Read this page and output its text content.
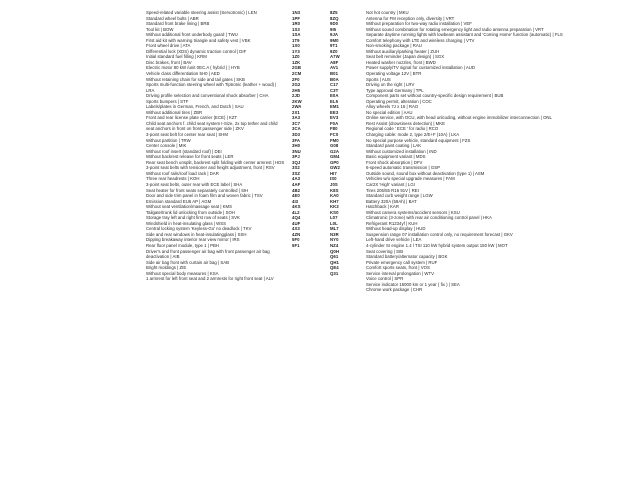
Speed-related variable steering assist (Servotronic) | LEN
Standard wheel bolts | ABR
Standard front brake lining | BRB
Tool kit | BOW
Without additional front underbody guard | TWU
First aid kit with warning triangle and safety vest | VBK
Front wheel drive | ATA
Differential lock (XDS) dynamic traction control | DIF
Initial standard fuel filling | KRM
Disc brakes, front | BAV
Electric motor 80 kW /unit 0EC.A ( hybrid ) | HYB
Vehicle class differentiation 5H0 | AED
Without retaining chain for side and tail gates | SKB
Sports multi-function steering wheel with Tiptronic (leather + wood) | LRA
Driving profile selection and conventional shock absorber | CHA
Sports bumpers | STF
Labels/plates in German, French, and Dutch | SAU
Without additional tires | ZBR
Front and rear license plate carrier (ECE) | KZT
Child seat anchors f. child seat system I-Size, 2x top tether and child seat anchors in front on front passenger side | ZKV
3-point seat belt for center rear seat | SHM
Without partition | TRW
Center console | MIK
Without roof insert (standard roof) | DEI
Without backrest release for front seats | LER
Rear seat bench unsplit, backrest split folding with center armrest | HDS
3-point seat belts with tensioner and height adjustment, front | RSV
Without roof rails/roof load rack | DAR
Three rear headrests | KOH
3-point seat belts, outer rear with ECE label | SHA
Seat heater for front seats separately controlled | SIH
Door and side trim panel in foam film and woven fabric | TSV
Emission standard EU6 AP | AGM
Without seat ventilation/massage seat | KMS
Tailgate/trunk lid unlocking from outside | SOH
Storage tray left and right first row of seats | SVK
Windshield in heat-insulating glass | WSS
Central locking system 'Keyless-Go' no deadlock | TKV
Side and rear windows in heat-insulatingglass | SSH
Dipping breakaway interior rear view mirror | IRS
Rear floor panel module, type 1 | PBH
Driver's and front passenger air bag with front passenger air bag deactivation | AIB
Side air bag front with curtain air bag | SAB
Bright moldings | ZIE
Without special body measures | KSA
1 armrest for left front seat and 2 armrests for right front seat | ALV
1N3
1PF
1R0
1S3
1SA
1T9
1X0
1Y3
1Z0
1ZK
2GB
2CM
2F0
2G2
2H5
2JD
2KW
2WA
2X1
3A3
3C7
3CA
3D3
3FA
3H0
3NU
3PJ
3QJ
3S2
3SZ
4A3
4AF
4B2
4E0
4I3
4KS
4L2
4Q4
4UF
4X3
4ZN
5F0
5F1
8Z5
8ZQ
9D0
9I5
9JA
9M0
9T1
9Z0
A7W
A8F
AV1
B01
B0A
C17
C3T
E0A
EL5
EM1
EE3
EV3
F0A
F80
FC0
FM0
G08
G2A
GM4
GP0
GW2
HI7
IS0
J0S
K8S
KA0
KH7
KK3
KS0
L07
L0L
ML7
N3R
NY0
NZ4
Q0H
Q61
QH1
QE4
Q31
Not hot country | MKU
Antenna for FM reception only, diversity | VRT
Without preparation for two-way radio installation | VEF
Without sound combination for rotating emergency light and radio antenna preparation | VRT
Separate daytime running lights with lowbeam assistant and 'Coming Home' function (automatic) | FLS
Comfort telephony with LTE and wireless charging | VTV
Non-smoking package | RAU
Without auxiliary/parking heater | ZUH
Seat belt reminder (Japan design) | SGX
Heated washer nozzles, front | BWD
Power supply/TV signal for customized installation | AUD
Operating voltage 12V | BTR
Sports | AUS
Driving on the right | LRV
Type approval Germany | TPL
Component parts set without country-specific design requirement | BUB
Operating permit, alteration | COC
Alloy wheels 7J x 16 | RAO
No special edition | AAU
Online service, with OCU, with head unlcoding, without engine immobilizer interconnection | ONL
Rest Assist (drowsiness detection) | MKE
Regional code ' ECE ' for radio | RCO
Charging cable: mode 2, type 2/E+F (10A) | LKA
No special purpose vehicle, standard equipment | FZS
Standard paint coating | LAK
Without customized installation | IND
Basic equipment variant | MDS
Front shock absorption | DFV
6-speed automatic transmission | GSP
Outside sound, sound box without deactivation (type 1) | ASM
Vehicles w/o special upgrade measures | FAM
Car2X 'High' variant | LGI
Tires 205/55 R16 91V | REI
Standard curb weight range | LGW
Battery 320A (59Ah) | BAT
Hatchback | KAR
Without camera systems/accident sensors | KSU
Climatronic (3-zone) with rear air conditioning control panel | HKA
Refrigerant R1234yf | KUH
Without head-up display | HUD
Suspension range 07 installation control only, no requirement forecast | GKV
Left-hand drive vehicle | LEA
4-cylinder SI engine 1.4 l TSI 110 kW hybrid system output 150 kW | MOT
Seat covering | SIB
Standard battery/alternator capacity | BGK
Private emergency call system | RUF
Comfort sports seats, front | VOS
Service interval prolongation | WTV
Voice control | SPR
Service indicator 15000 km or 1 year ( fix ) | SEA
Chrome work package | CHR
